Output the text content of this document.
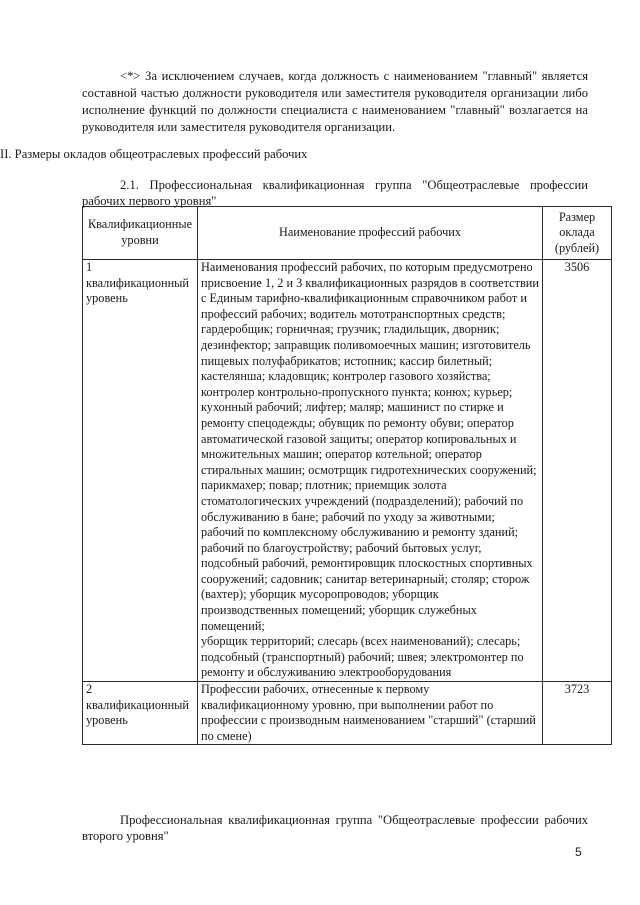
<*> За исключением случаев, когда должность с наименованием "главный" является составной частью должности руководителя или заместителя руководителя организации либо исполнение функций по должности специалиста с наименованием "главный" возлагается на руководителя или заместителя руководителя организации.

II. Размеры окладов общеотраслевых профессий рабочих

2.1. Профессиональная квалификационная группа "Общеотраслевые профессии рабочих первого уровня"

Квалификационные уровни	Наименование профессий рабочих	Размер оклада (рублей)
1 квалификационный уровень	Наименования профессий рабочих, по которым предусмотрено присвоение 1, 2 и 3 квалификационных разрядов в соответствии с Единым тарифно-квалификационным справочником работ и профессий рабочих; водитель мототранспортных средств; гардеробщик; горничная; грузчик; гладильщик, дворник; дезинфектор; заправщик поливомоечных машин; изготовитель пищевых полуфабрикатов; истопник; кассир билетный; кастелянша; кладовщик; контролер газового хозяйства; контролер контрольно-пропускного пункта; конюх; курьер; кухонный рабочий; лифтер; маляр; машинист по стирке и ремонту спецодежды; обувщик по ремонту обуви; оператор автоматической газовой защиты; оператор копировальных и множительных машин; оператор котельной; оператор стиральных машин; осмотрщик гидротехнических сооружений; парикмахер; повар; плотник; приемщик золота стоматологических учреждений (подразделений); рабочий по обслуживанию в бане; рабочий по уходу за животными; рабочий по комплексному обслуживанию и ремонту зданий; рабочий по благоустройству; рабочий бытовых услуг, подсобный рабочий, ремонтировщик плоскостных спортивных сооружений; садовник; санитар ветеринарный; столяр; сторож (вахтер); уборщик мусоропроводов; уборщик производственных помещений; уборщик служебных помещений;
уборщик территорий; слесарь (всех наименований); слесарь; подсобный (транспортный) рабочий; швея; электромонтер по ремонту и обслуживанию электрооборудования	3506
2 квалификационный уровень	Профессии рабочих, отнесенные к первому квалификационному уровню, при выполнении работ по профессии с производным наименованием "старший" (старший по смене)	3723

Профессиональная квалификационная группа "Общеотраслевые профессии рабочих второго уровня"

5
